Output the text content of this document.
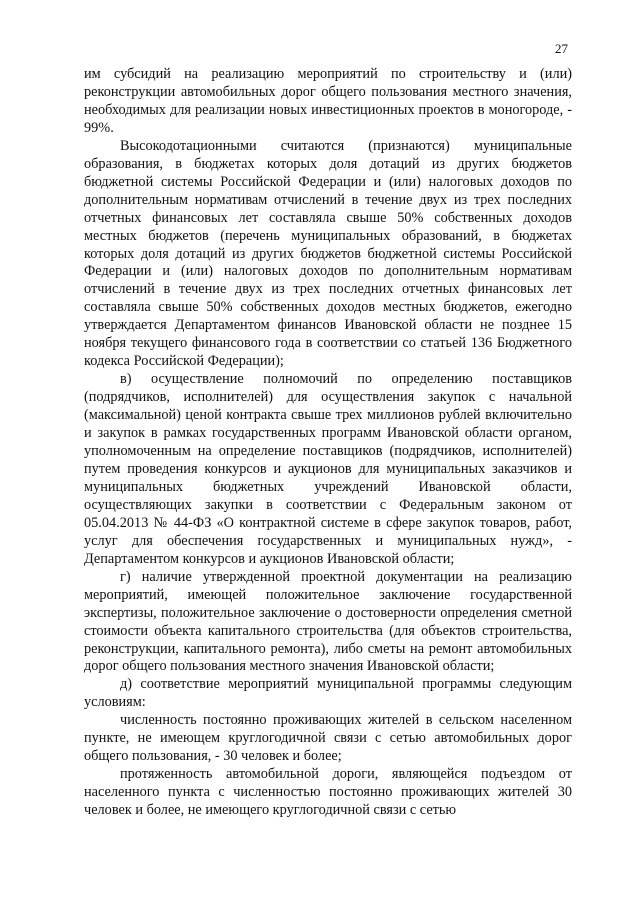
27

им субсидий на реализацию мероприятий по строительству и (или) реконструкции автомобильных дорог общего пользования местного значения, необходимых для реализации новых инвестиционных проектов в моногороде, - 99%.

Высокодотационными считаются (признаются) муниципальные образования, в бюджетах которых доля дотаций из других бюджетов бюджетной системы Российской Федерации и (или) налоговых доходов по дополнительным нормативам отчислений в течение двух из трех последних отчетных финансовых лет составляла свыше 50% собственных доходов местных бюджетов (перечень муниципальных образований, в бюджетах которых доля дотаций из других бюджетов бюджетной системы Российской Федерации и (или) налоговых доходов по дополнительным нормативам отчислений в течение двух из трех последних отчетных финансовых лет составляла свыше 50% собственных доходов местных бюджетов, ежегодно утверждается Департаментом финансов Ивановской области не позднее 15 ноября текущего финансового года в соответствии со статьей 136 Бюджетного кодекса Российской Федерации);

в) осуществление полномочий по определению поставщиков (подрядчиков, исполнителей) для осуществления закупок с начальной (максимальной) ценой контракта свыше трех миллионов рублей включительно и закупок в рамках государственных программ Ивановской области органом, уполномоченным на определение поставщиков (подрядчиков, исполнителей) путем проведения конкурсов и аукционов для муниципальных заказчиков и муниципальных бюджетных учреждений Ивановской области, осуществляющих закупки в соответствии с Федеральным законом от 05.04.2013 № 44-ФЗ «О контрактной системе в сфере закупок товаров, работ, услуг для обеспечения государственных и муниципальных нужд», - Департаментом конкурсов и аукционов Ивановской области;

г) наличие утвержденной проектной документации на реализацию мероприятий, имеющей положительное заключение государственной экспертизы, положительное заключение о достоверности определения сметной стоимости объекта капитального строительства (для объектов строительства, реконструкции, капитального ремонта), либо сметы на ремонт автомобильных дорог общего пользования местного значения Ивановской области;

д) соответствие мероприятий муниципальной программы следующим условиям:

численность постоянно проживающих жителей в сельском населенном пункте, не имеющем круглогодичной связи с сетью автомобильных дорог общего пользования, - 30 человек и более;

протяженность автомобильной дороги, являющейся подъездом от населенного пункта с численностью постоянно проживающих жителей 30 человек и более, не имеющего круглогодичной связи с сетью
